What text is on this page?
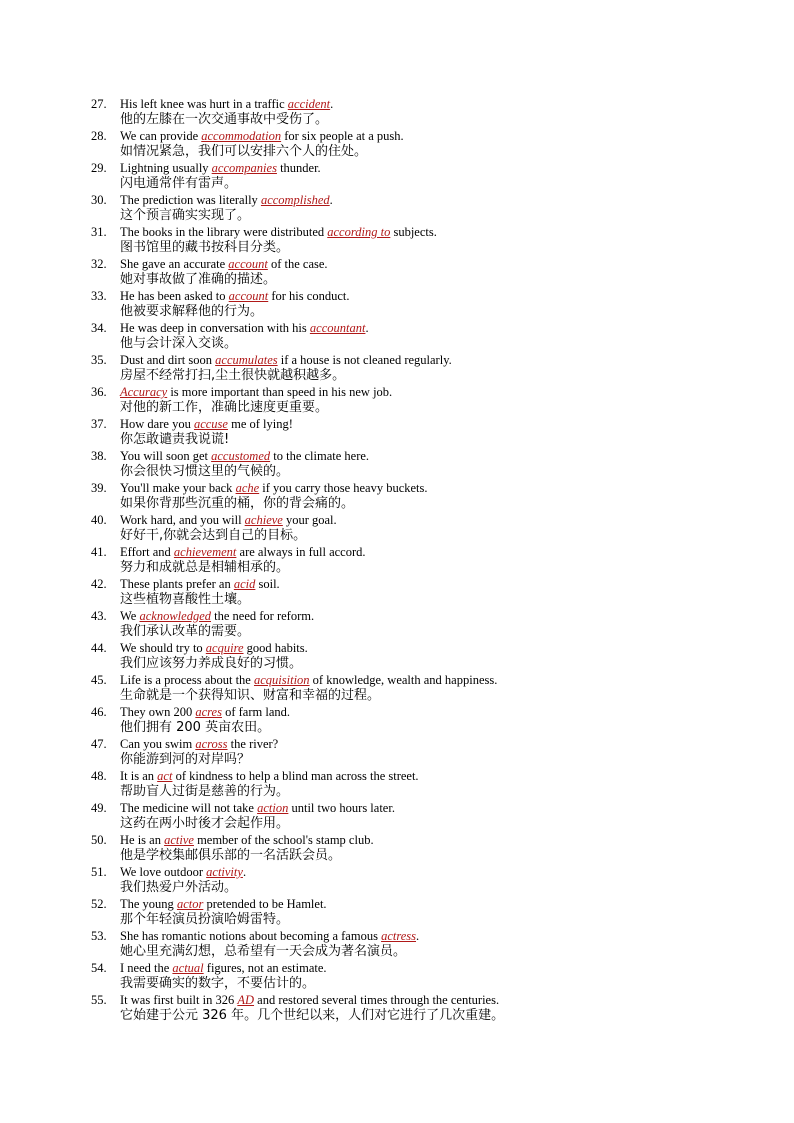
27. His left knee was hurt in a traffic accident.
他的左膝在一次交通事故中受伤了。
28. We can provide accommodation for six people at a push.
如情况紧急，我们可以安排六个人的住处。
29. Lightning usually accompanies thunder.
闪电通常伴有雷声。
30. The prediction was literally accomplished.
这个预言确实实现了。
31. The books in the library were distributed according to subjects.
图书馆里的藏书按科目分类。
32. She gave an accurate account of the case.
她对事故做了准确的描述。
33. He has been asked to account for his conduct.
他被要求解释他的行为。
34. He was deep in conversation with his accountant.
他与会计深入交谈。
35. Dust and dirt soon accumulates if a house is not cleaned regularly.
房屋不经常打扫,尘土很快就越积越多。
36. Accuracy is more important than speed in his new job.
对他的新工作，准确比速度更重要。
37. How dare you accuse me of lying!
你怎敢谴责我说谎!
38. You will soon get accustomed to the climate here.
你会很快习惯这里的气候的。
39. You'll make your back ache if you carry those heavy buckets.
如果你背那些沉重的桶，你的背会痛的。
40. Work hard, and you will achieve your goal.
好好干,你就会达到自己的目标。
41. Effort and achievement are always in full accord.
努力和成就总是相辅相承的。
42. These plants prefer an acid soil.
这些植物喜酸性土壤。
43. We acknowledged the need for reform.
我们承认改革的需要。
44. We should try to acquire good habits.
我们应该努力养成良好的习惯。
45. Life is a process about the acquisition of knowledge, wealth and happiness.
生命就是一个获得知识、财富和幸福的过程。
46. They own 200 acres of farm land.
他们拥有 200 英亩农田。
47. Can you swim across the river?
你能游到河的对岸吗？
48. It is an act of kindness to help a blind man across the street.
帮助盲人过街是慈善的行为。
49. The medicine will not take action until two hours later.
这药在两小时後才会起作用。
50. He is an active member of the school's stamp club.
他是学校集邮俱乐部的一名活跃会员。
51. We love outdoor activity.
我们热爱户外活动。
52. The young actor pretended to be Hamlet.
那个年轻演员扮演哈姆雷特。
53. She has romantic notions about becoming a famous actress.
她心里充满幻想，总希望有一天会成为著名演员。
54. I need the actual figures, not an estimate.
我需要确实的数字，不要估计的。
55. It was first built in 326 AD and restored several times through the centuries.
它始建于公元 326 年。几个世纪以来，人们对它进行了几次重建。
